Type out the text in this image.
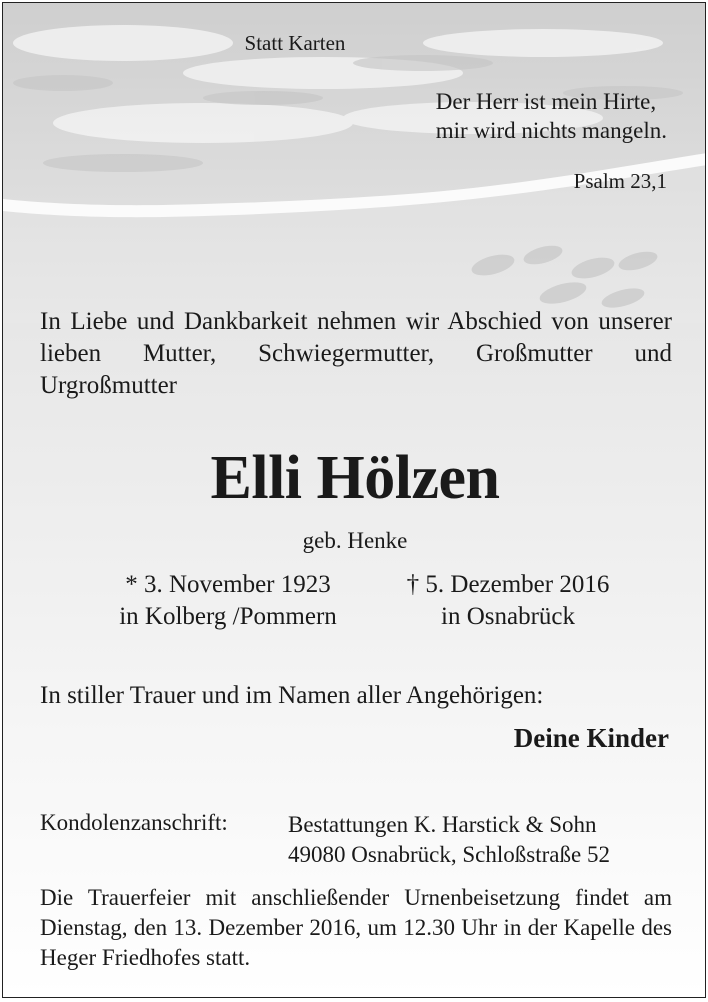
Statt Karten
Der Herr ist mein Hirte,
mir wird nichts mangeln.
Psalm 23,1
In Liebe und Dankbarkeit nehmen wir Abschied von unserer lieben Mutter, Schwiegermutter, Großmutter und Urgroßmutter
Elli Hölzen
geb. Henke
* 3. November 1923
in Kolberg /Pommern
† 5. Dezember 2016
in Osnabrück
In stiller Trauer und im Namen aller Angehörigen:
Deine Kinder
Kondolenzanschrift:	Bestattungen K. Harstick & Sohn
49080 Osnabrück, Schloßstraße 52
Die Trauerfeier mit anschließender Urnenbeisetzung findet am Dienstag, den 13. Dezember 2016, um 12.30 Uhr in der Kapelle des Heger Friedhofes statt.
